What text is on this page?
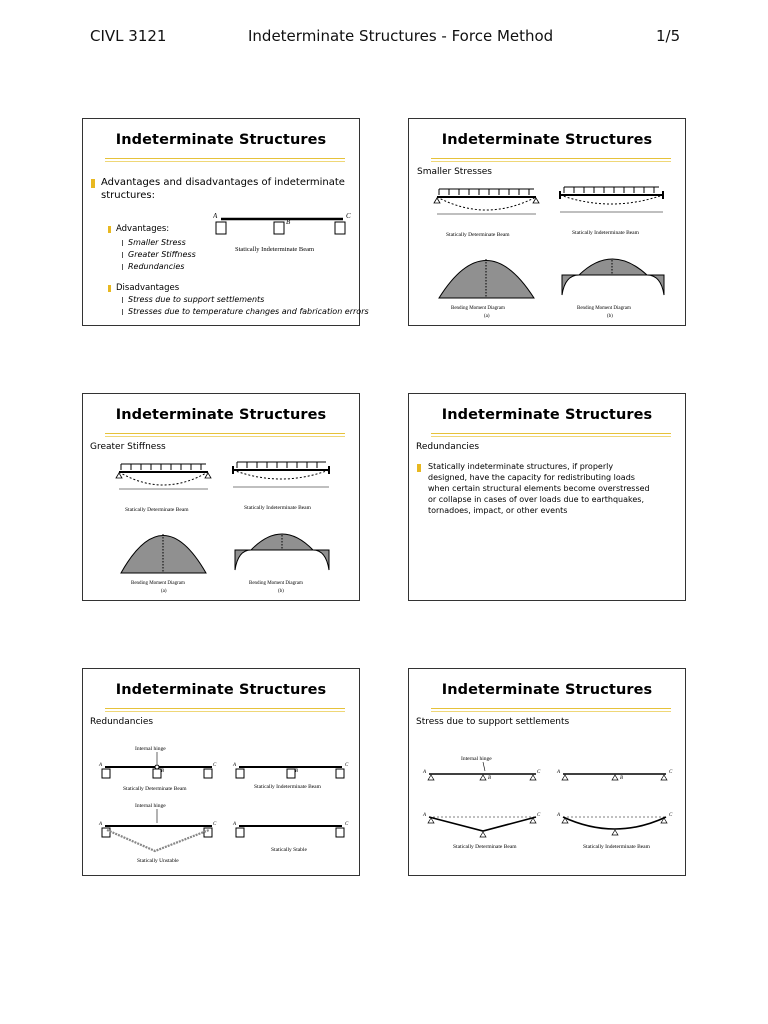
CIVL 3121	Indeterminate Structures - Force Method	1/5
Indeterminate Structures
Advantages and disadvantages of indeterminate
structures:
Advantages:
Smaller Stress
Greater Stiffness
Redundancies
Disadvantages
Stress due to support settlements
Stresses due to temperature changes and fabrication errors
A
B
C
Statically Indeterminate Beam
Indeterminate Structures
Smaller Stresses
Statically Determinate Beam	Statically Indeterminate Beam
Bending Moment Diagram
(a)
Bending Moment Diagram
(b)
Indeterminate Structures
Greater Stiffness
Statically Determinate Beam	Statically Indeterminate Beam
Bending Moment Diagram
(a)
Bending Moment Diagram
(b)
Indeterminate Structures
Redundancies
Statically indeterminate structures, if properly
designed, have the capacity for redistributing loads
when certain structural elements become overstressed
or collapse in cases of over loads due to earthquakes,
tornadoes, impact, or other events
Indeterminate Structures
Redundancies
Internal hinge
A
B
C
Statically Determinate Beam
A
B
C
Statically Indeterminate Beam
Internal hinge
A	C
Statically Unstable
A	C
Statically Stable
Indeterminate Structures
Stress due to support settlements
Internal hinge
A
B
C	A
B
C
A	C
Statically Determinate Beam
A	C
Statically Indeterminate Beam
